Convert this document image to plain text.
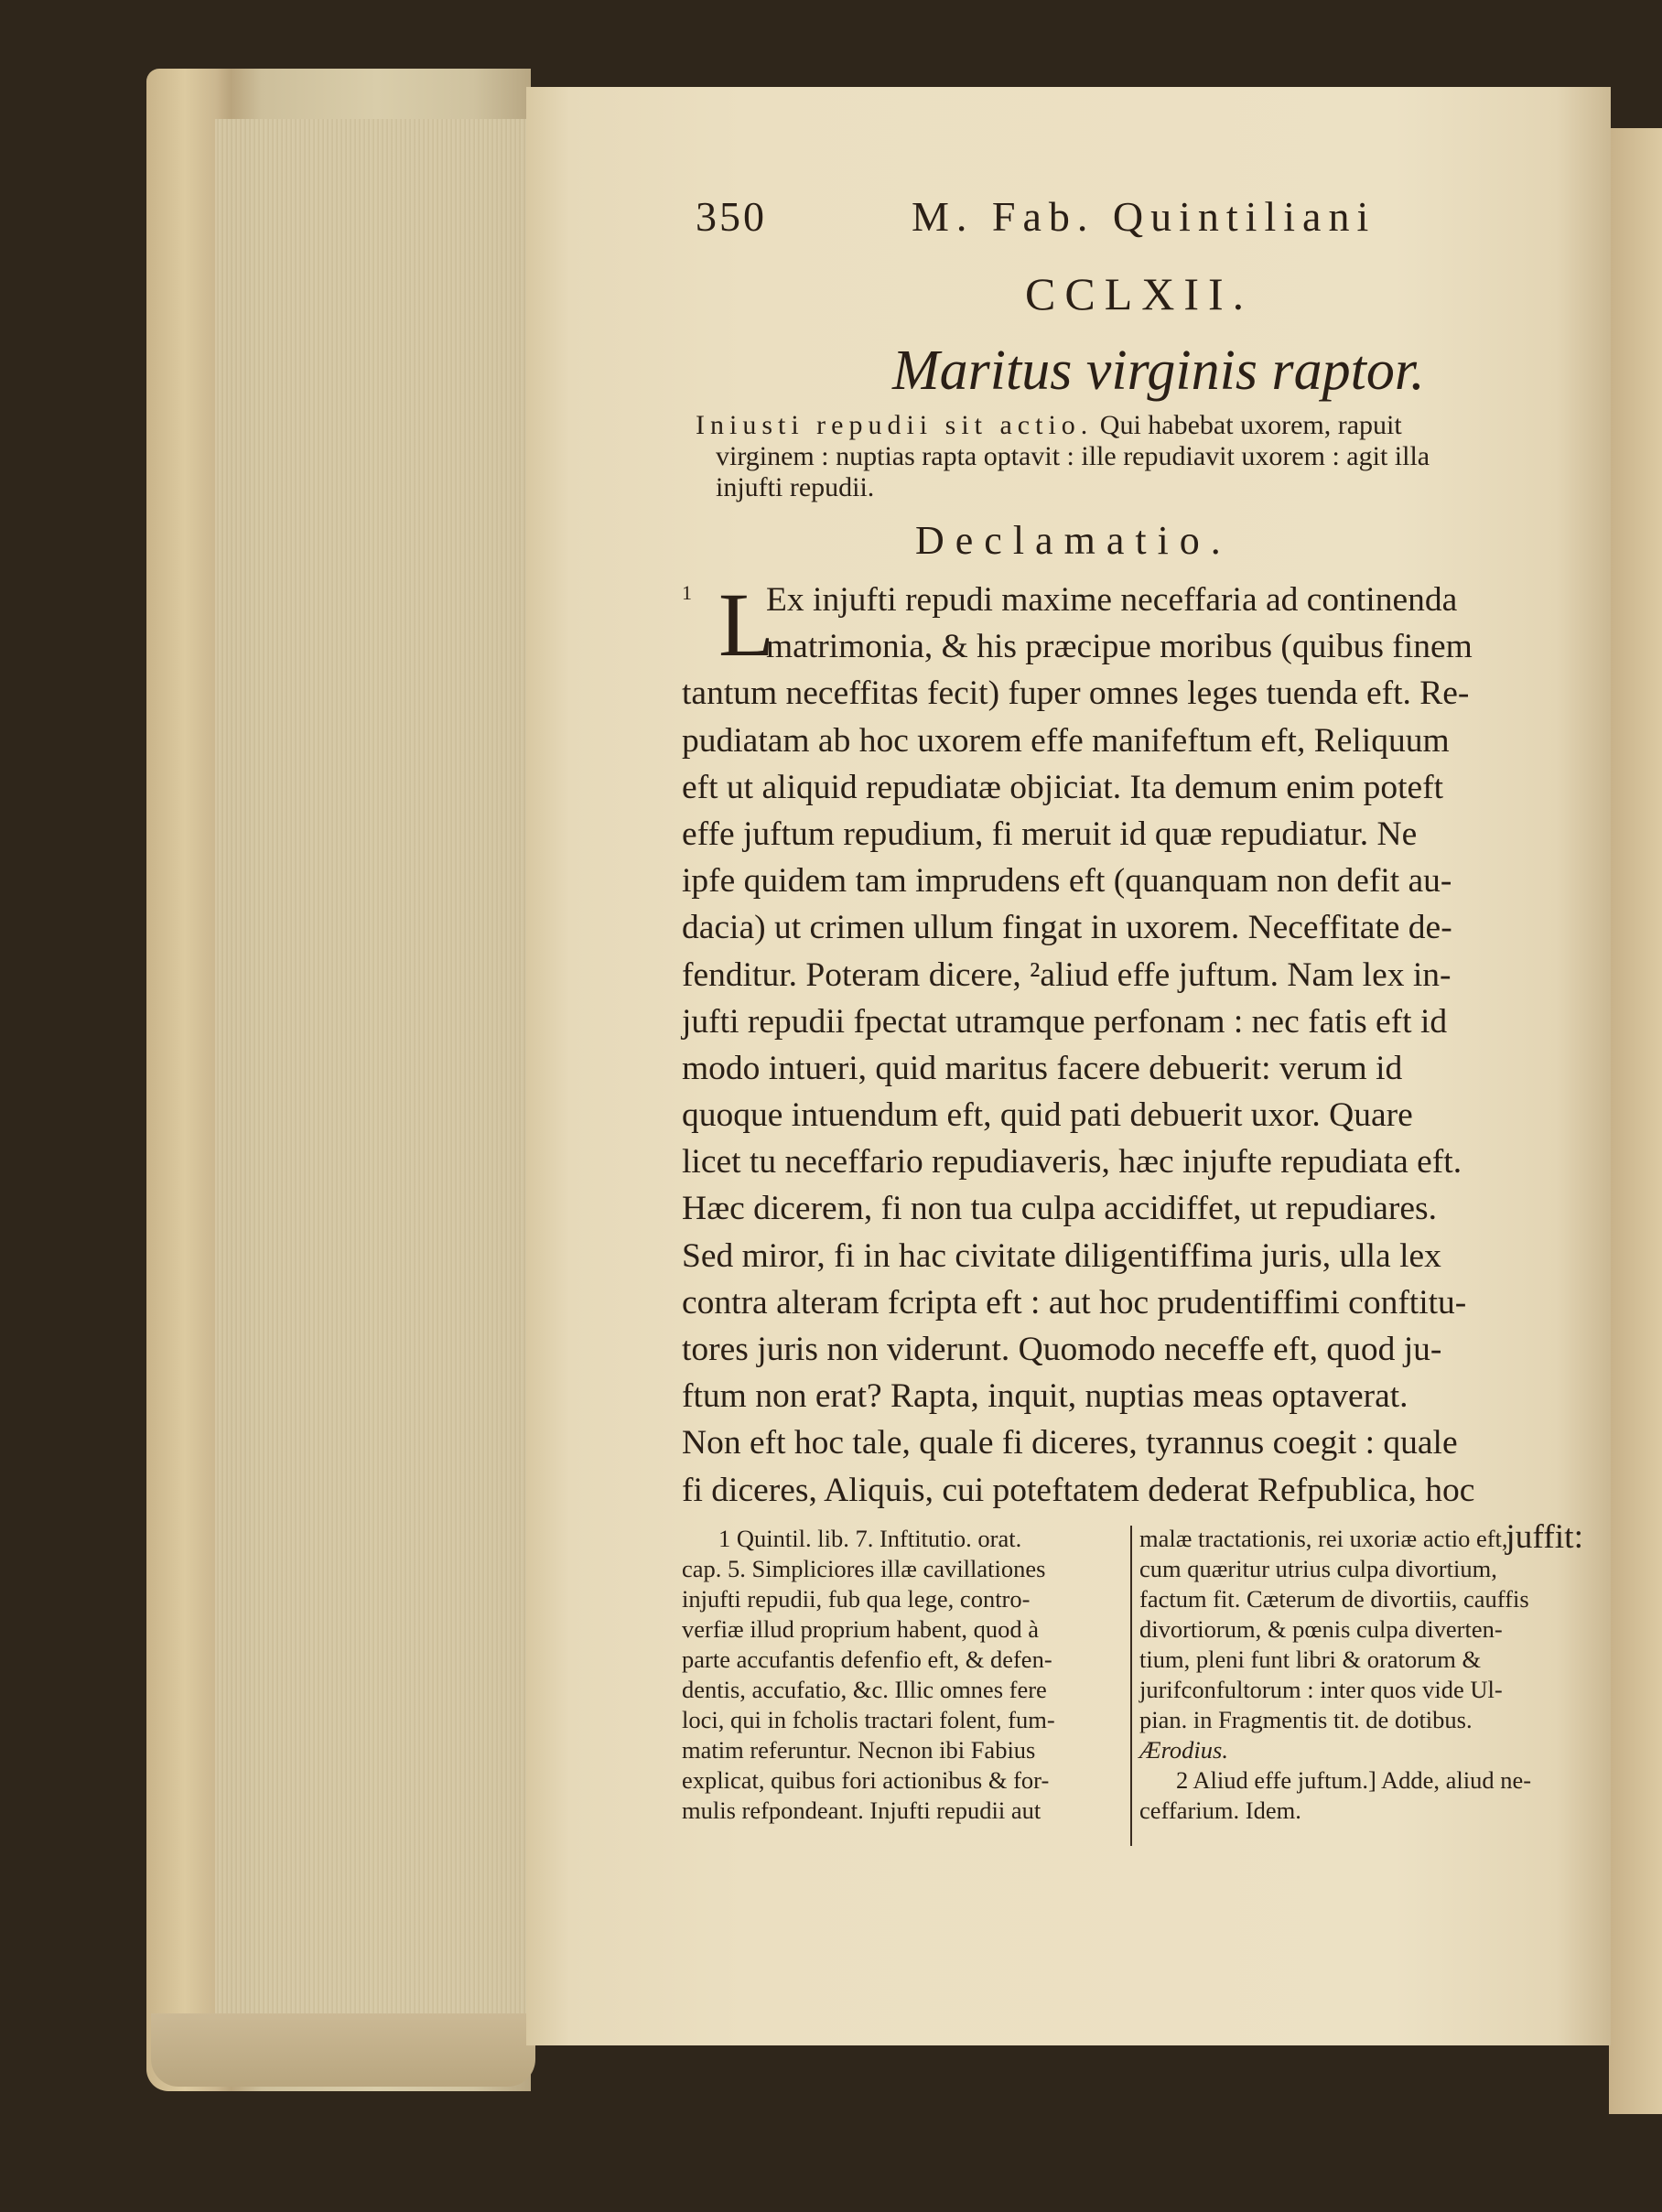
350	M. Fab. Quintiliani
CCLXII.
Maritus virginis raptor.
Iniusti repudii sit actio. Qui habebat uxorem, rapuit
virginem : nuptias rapta optavit : ille repudiavit uxorem : agit illa
injufti repudii.
Declamatio.
1 L
Ex injufti repudi maxime neceffaria ad continenda
matrimonia, & his præcipue moribus (quibus finem
tantum neceffitas fecit) fuper omnes leges tuenda eft. Re-
pudiatam ab hoc uxorem effe manifeftum eft, Reliquum
eft ut aliquid repudiatæ objiciat. Ita demum enim poteft
effe juftum repudium, fi meruit id quæ repudiatur. Ne
ipfe quidem tam imprudens eft (quanquam non defit au-
dacia) ut crimen ullum fingat in uxorem. Neceffitate de-
fenditur. Poteram dicere, ²aliud effe juftum. Nam lex in-
jufti repudii fpectat utramque perfonam : nec fatis eft id
modo intueri, quid maritus facere debuerit: verum id
quoque intuendum eft, quid pati debuerit uxor. Quare
licet tu neceffario repudiaveris, hæc injufte repudiata eft.
Hæc dicerem, fi non tua culpa accidiffet, ut repudiares.
Sed miror, fi in hac civitate diligentiffima juris, ulla lex
contra alteram fcripta eft : aut hoc prudentiffimi conftitu-
tores juris non viderunt. Quomodo neceffe eft, quod ju-
ftum non erat? Rapta, inquit, nuptias meas optaverat.
Non eft hoc tale, quale fi diceres, tyrannus coegit : quale
fi diceres, Aliquis, cui poteftatem dederat Refpublica, hoc
juffit:
1 Quintil. lib. 7. Inftitutio. orat.
cap. 5. Simpliciores illæ cavillationes
injufti repudii, fub qua lege, contro-
verfiæ illud proprium habent, quod à
parte accufantis defenfio eft, & defen-
dentis, accufatio, &c. Illic omnes fere
loci, qui in fcholis tractari folent, fum-
matim referuntur. Necnon ibi Fabius
explicat, quibus fori actionibus & for-
mulis refpondeant. Injufti repudii aut
malæ tractationis, rei uxoriæ actio eft,
cum quæritur utrius culpa divortium,
factum fit. Cæterum de divortiis, cauffis
divortiorum, & pœnis culpa diverten-
tium, pleni funt libri & oratorum &
jurifconfultorum : inter quos vide Ul-
pian. in Fragmentis tit. de dotibus.
Ærodius.
2 Aliud effe juftum.] Adde, aliud ne-
ceffarium. Idem.
